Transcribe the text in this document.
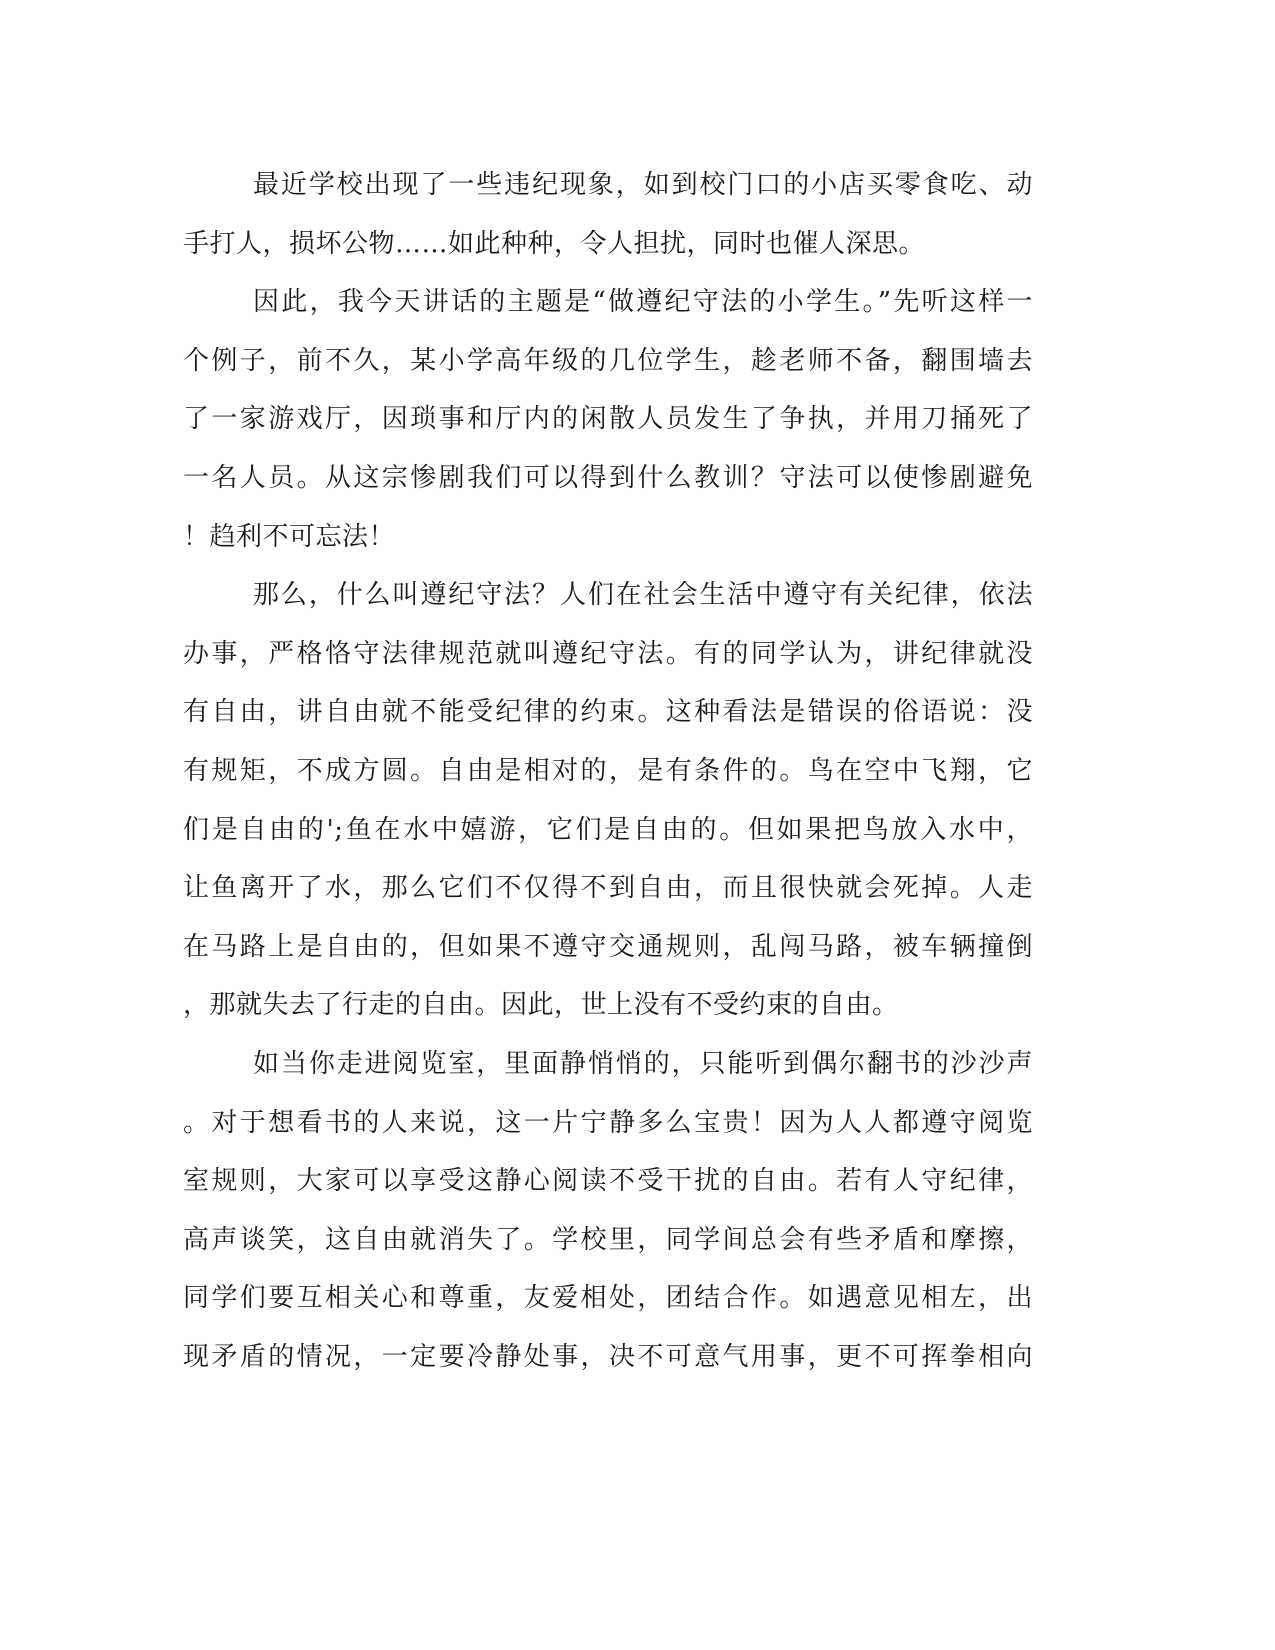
最近学校出现了一些违纪现象，如到校门口的小店买零食吃、动
手打人，损坏公物……如此种种，令人担扰，同时也催人深思。
因此，我今天讲话的主题是“做遵纪守法的小学生。”先听这样一
个例子，前不久，某小学高年级的几位学生，趁老师不备，翻围墙去
了一家游戏厅，因琐事和厅内的闲散人员发生了争执，并用刀捅死了
一名人员。从这宗惨剧我们可以得到什么教训？守法可以使惨剧避免
！趋利不可忘法！
那么，什么叫遵纪守法？人们在社会生活中遵守有关纪律，依法
办事，严格恪守法律规范就叫遵纪守法。有的同学认为，讲纪律就没
有自由，讲自由就不能受纪律的约束。这种看法是错误的俗语说：没
有规矩，不成方圆。自由是相对的，是有条件的。鸟在空中飞翔，它
们是自由的';鱼在水中嬉游，它们是自由的。但如果把鸟放入水中，
让鱼离开了水，那么它们不仅得不到自由，而且很快就会死掉。人走
在马路上是自由的，但如果不遵守交通规则，乱闯马路，被车辆撞倒
，那就失去了行走的自由。因此，世上没有不受约束的自由。
如当你走进阅览室，里面静悄悄的，只能听到偶尔翻书的沙沙声
。对于想看书的人来说，这一片宁静多么宝贵！因为人人都遵守阅览
室规则，大家可以享受这静心阅读不受干扰的自由。若有人守纪律，
高声谈笑，这自由就消失了。学校里，同学间总会有些矛盾和摩擦，
同学们要互相关心和尊重，友爱相处，团结合作。如遇意见相左，出
现矛盾的情况，一定要冷静处事，决不可意气用事，更不可挥拳相向
